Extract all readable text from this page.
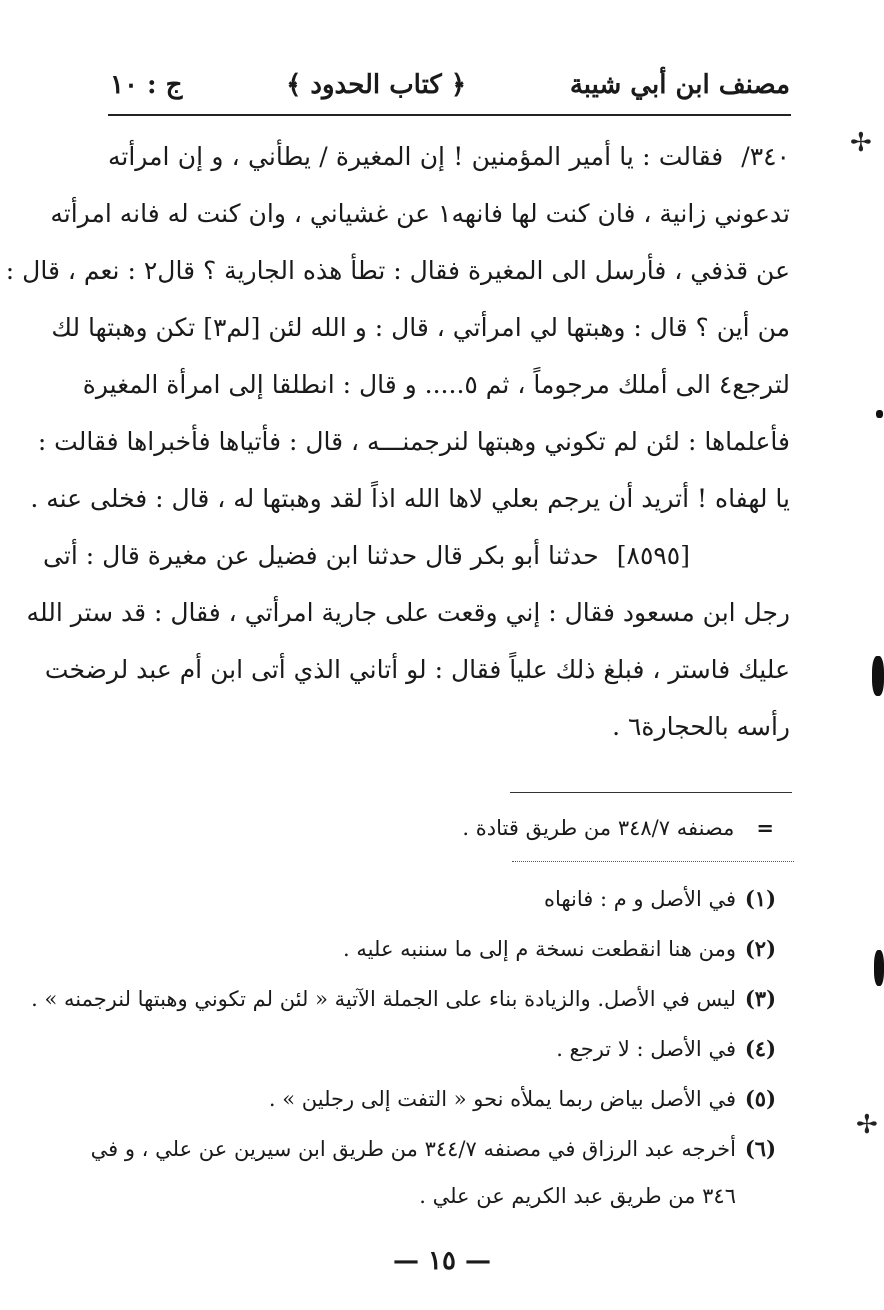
مصنف ابن أبي شيبة
﴿ كتاب الحدود ﴾
ج : ١٠
٣٤٠/فقالت : يا أمير المؤمنين ! إن المغيرة / يطأني ، و إن امرأته
تدعوني زانية ، فان كنت لها فانهه١ عن غشياني ، وان كنت له فانه امرأته
عن قذفي ، فأرسل الى المغيرة فقال : تطأ هذه الجارية ؟ قال٢ : نعم ، قال :
من أين ؟ قال : وهبتها لي امرأتي ، قال : و الله لئن [لم٣] تكن وهبتها لك
لترجع٤ الى أملك مرجوماً ، ثم ٥..... و قال : انطلقا إلى امرأة المغيرة
فأعلماها : لئن لم تكوني وهبتها لنرجمنـــه ، قال : فأتياها فأخبراها فقالت :
يا لهفاه ! أتريد أن يرجم بعلي لاها الله اذاً لقد وهبتها له ، قال : فخلى عنه .
[٨٥٩٥]حدثنا أبو بكر قال حدثنا ابن فضيل عن مغيرة قال : أتى
رجل ابن مسعود فقال : إني وقعت على جارية امرأتي ، فقال : قد ستر الله
عليك فاستر ، فبلغ ذلك علياً فقال : لو أتاني الذي أتى ابن أم عبد لرضخت
رأسه بالحجارة٦ .
=مصنفه ٣٤٨/٧ من طريق قتادة .
(١)في الأصل و م : فانهاه
(٢)ومن هنا انقطعت نسخة م إلى ما سننبه عليه .
(٣)ليس في الأصل. والزيادة بناء على الجملة الآتية « لئن لم تكوني وهبتها لنرجمنه » .
(٤)في الأصل : لا ترجع .
(٥)في الأصل بياض ربما يملأه نحو « التفت إلى رجلين » .
(٦)أخرجه عبد الرزاق في مصنفه ٣٤٤/٧ من طريق ابن سيرين عن علي ، و في
٣٤٦ من طريق عبد الكريم عن علي .
— ١٥ —
✢
✢
